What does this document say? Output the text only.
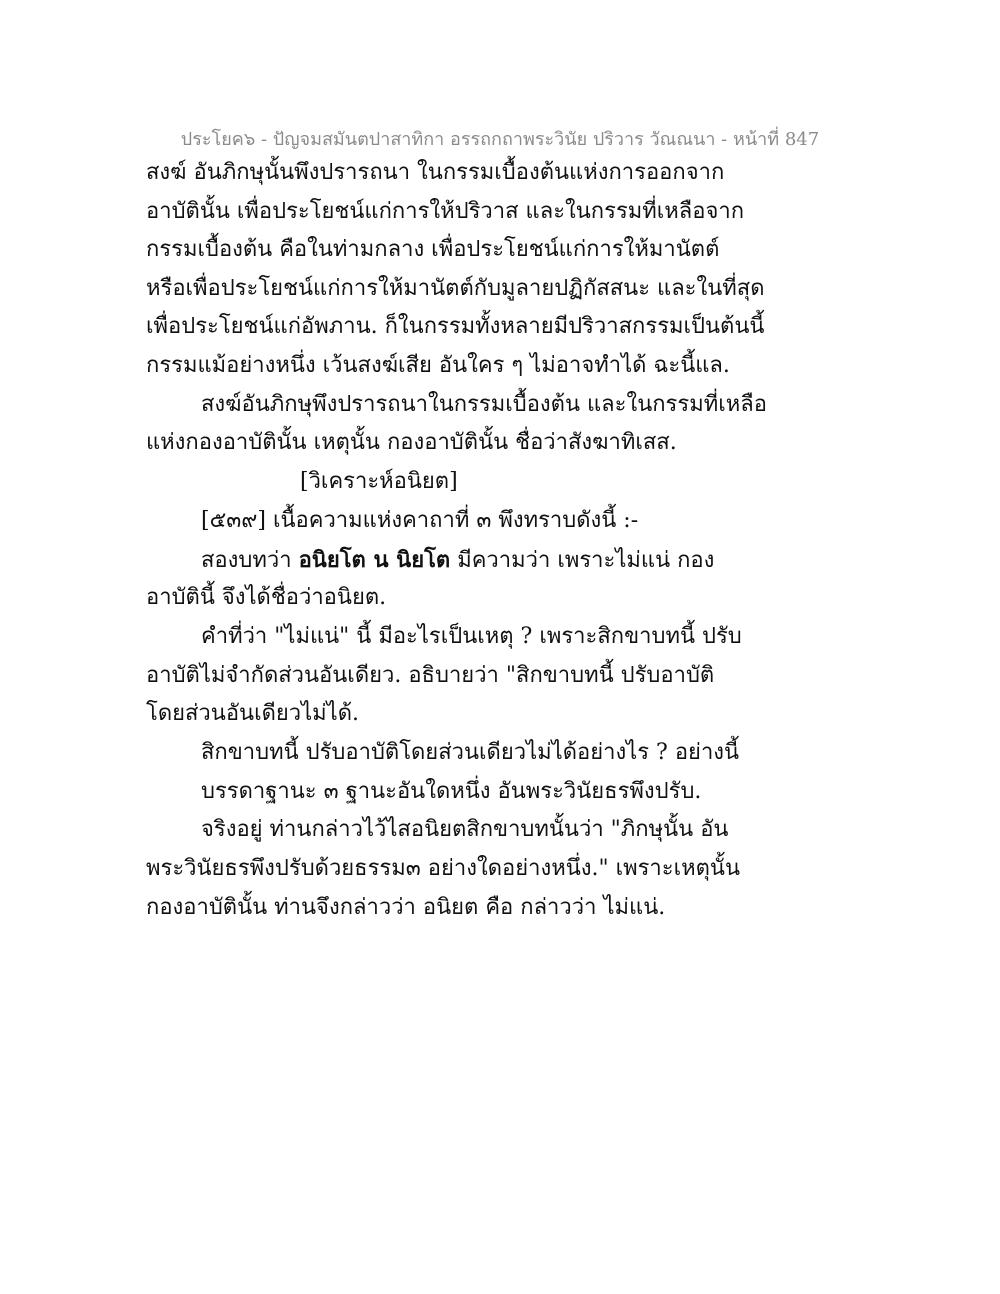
ประโยค๖ - ปัญจมสมันตปาสาทิกา อรรถกถาพระวินัย ปริวาร วัณณนา - หน้าที่ 847
สงฆ์ อันภิกษุนั้นพึงปรารถนา ในกรรมเบื้องต้นแห่งการออกจาก
อาบัตินั้น เพื่อประโยชน์แก่การให้ปริวาส และในกรรมที่เหลือจาก
กรรมเบื้องต้น คือในท่ามกลาง เพื่อประโยชน์แก่การให้มานัตต์
หรือเพื่อประโยชน์แก่การให้มานัตต์กับมูลายปฏิกัสสนะ และในที่สุด
เพื่อประโยชน์แก่อัพภาน. ก็ในกรรมทั้งหลายมีปริวาสกรรมเป็นต้นนี้
กรรมแม้อย่างหนึ่ง เว้นสงฆ์เสีย อันใคร ๆ ไม่อาจทำได้ ฉะนี้แล.
สงฆ์อันภิกษุพึงปรารถนาในกรรมเบื้องต้น และในกรรมที่เหลือ
แห่งกองอาบัตินั้น เหตุนั้น กองอาบัตินั้น ชื่อว่าสังฆาทิเสส.
[วิเคราะห์อนิยต]
[๕๓๙] เนื้อความแห่งคาถาที่ ๓ พึงทราบดังนี้ :-
สองบทว่า อนิยโต น นิยโต มีความว่า เพราะไม่แน่ กอง
อาบัตินี้ จึงได้ชื่อว่าอนิยต.
คำที่ว่า "ไม่แน่" นี้ มีอะไรเป็นเหตุ ? เพราะสิกขาบทนี้ ปรับ
อาบัติไม่จำกัดส่วนอันเดียว. อธิบายว่า "สิกขาบทนี้ ปรับอาบัติ
โดยส่วนอันเดียวไม่ได้.
สิกขาบทนี้ ปรับอาบัติโดยส่วนเดียวไม่ได้อย่างไร ? อย่างนี้
บรรดาฐานะ ๓ ฐานะอันใดหนึ่ง อันพระวินัยธรพึงปรับ.
จริงอยู่ ท่านกล่าวไว้ไสอนิยตสิกขาบทนั้นว่า "ภิกษุนั้น อัน
พระวินัยธรพึงปรับด้วยธรรม๓ อย่างใดอย่างหนึ่ง." เพราะเหตุนั้น
กองอาบัตินั้น ท่านจึงกล่าวว่า อนิยต คือ กล่าวว่า ไม่แน่.
